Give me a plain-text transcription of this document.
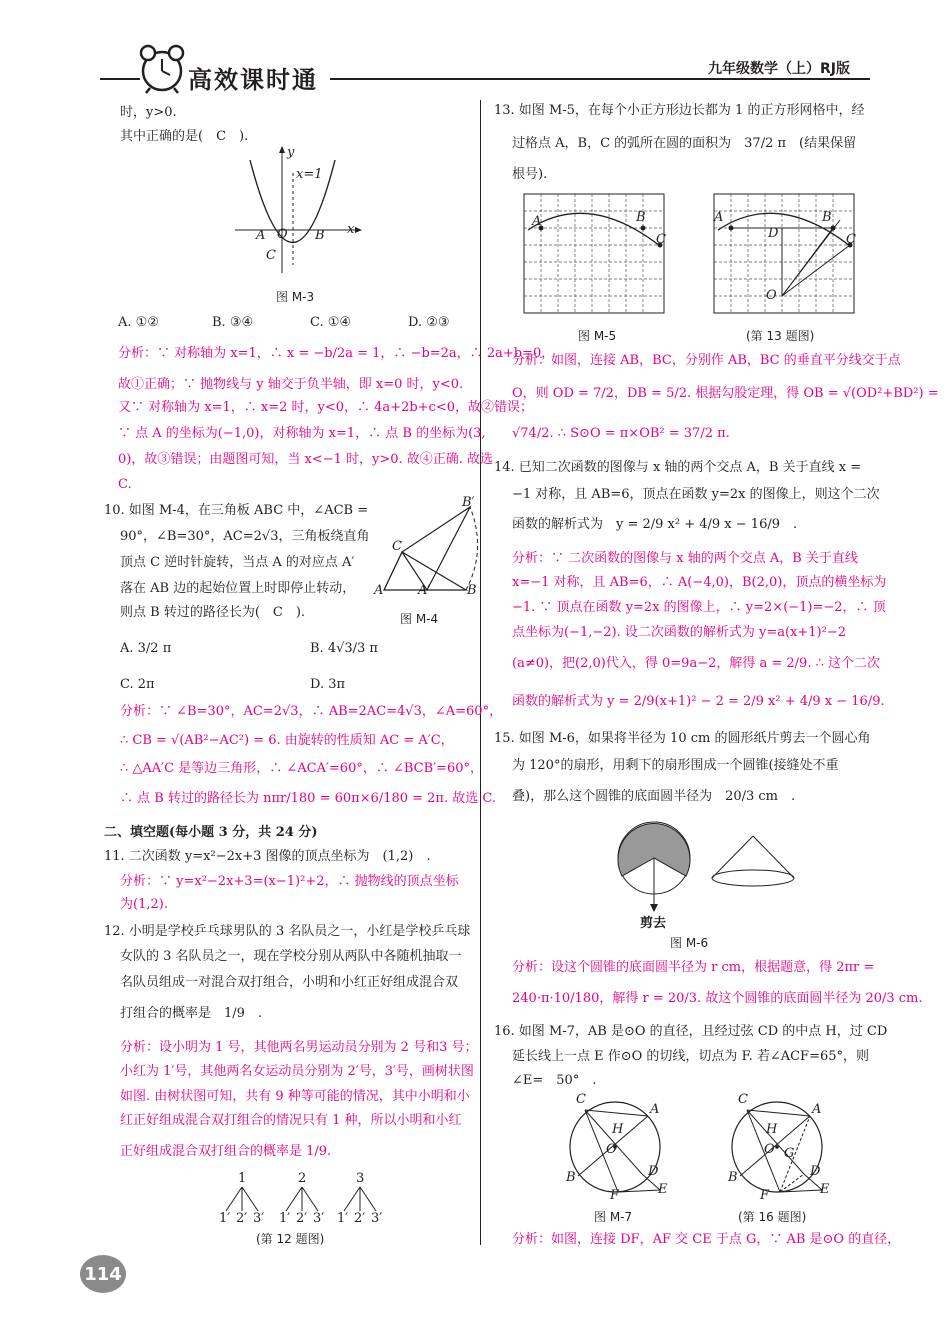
高效课时通	九年级数学（上）RJ版
时，y>0.
其中正确的是(　C　).
y
x=1
x
A O B
C
图 M-3
A. ①②	B. ③④	C. ①④	D. ②③
分析：∵ 对称轴为 x=1，∴ x = −b/2a = 1，∴ −b=2a，∴ 2a+b=0，
故①正确；∵ 抛物线与 y 轴交于负半轴，即 x=0 时，y<0.
又∵ 对称轴为 x=1，∴ x=2 时，y<0，∴ 4a+2b+c<0，故②错误；
∵ 点 A 的坐标为(−1,0)，对称轴为 x=1，∴ 点 B 的坐标为(3,
0)，故③错误；由题图可知，当 x<−1 时，y>0. 故④正确. 故选
C.
10. 如图 M-4，在三角板 ABC 中，∠ACB =
90°，∠B=30°，AC=2√3，三角板绕直角
顶点 C 逆时针旋转，当点 A 的对应点 A′
落在 AB 边的起始位置上时即停止转动，
则点 B 转过的路径长为(　C　).
B′
C
A	A′	B
图 M-4
A. 3/2 π	B. 4√3/3 π
C. 2π	D. 3π
分析：∵ ∠B=30°，AC=2√3，∴ AB=2AC=4√3，∠A=60°，
∴ CB = √(AB²−AC²) = 6. 由旋转的性质知 AC = A′C，
∴ △AA′C 是等边三角形，∴ ∠ACA′=60°，∴ ∠BCB′=60°，
∴ 点 B 转过的路径长为 nπr/180 = 60π×6/180 = 2π. 故选 C.
二、填空题(每小题 3 分，共 24 分)
11. 二次函数 y=x²−2x+3 图像的顶点坐标为　(1,2)　.
分析：∵ y=x²−2x+3=(x−1)²+2，∴ 抛物线的顶点坐标
为(1,2).
12. 小明是学校乒乓球男队的 3 名队员之一，小红是学校乒乓球
女队的 3 名队员之一，现在学校分别从两队中各随机抽取一
名队员组成一对混合双打组合，小明和小红正好组成混合双
打组合的概率是　1/9　.
分析：设小明为 1 号，其他两名男运动员分别为 2 号和3 号；
小红为 1′号，其他两名女运动员分别为 2′号，3′号，画树状图
如图. 由树状图可知，共有 9 种等可能的情况，其中小明和小
红正好组成混合双打组合的情况只有 1 种，所以小明和小红
正好组成混合双打组合的概率是 1/9.
1	2	3
1′ 2′ 3′ 1′ 2′ 3′ 1′ 2′ 3′
(第 12 题图)
13. 如图 M-5，在每个小正方形边长都为 1 的正方形网格中，经
过格点 A，B，C 的弧所在圆的面积为　37/2 π　(结果保留
根号).
A	B
C
图 M-5
A	B
C
D
O
(第 13 题图)
分析：如图，连接 AB，BC，分别作 AB，BC 的垂直平分线交于点
O，则 OD = 7/2，DB = 5/2. 根据勾股定理，得 OB = √(OD²+BD²) =
√74/2. ∴ S⊙O = π×OB² = 37/2 π.
14. 已知二次函数的图像与 x 轴的两个交点 A，B 关于直线 x =
−1 对称，且 AB=6，顶点在函数 y=2x 的图像上，则这个二次
函数的解析式为　y = 2/9 x² + 4/9 x − 16/9　.
分析：∵ 二次函数的图像与 x 轴的两个交点 A，B 关于直线
x=−1 对称，且 AB=6，∴ A(−4,0)，B(2,0)，顶点的横坐标为
−1. ∵ 顶点在函数 y=2x 的图像上，∴ y=2×(−1)=−2，∴ 顶
点坐标为(−1,−2). 设二次函数的解析式为 y=a(x+1)²−2
(a≠0)，把(2,0)代入，得 0=9a−2，解得 a = 2/9. ∴ 这个二次
函数的解析式为 y = 2/9(x+1)² − 2 = 2/9 x² + 4/9 x − 16/9.
15. 如图 M-6，如果将半径为 10 cm 的圆形纸片剪去一个圆心角
为 120°的扇形，用剩下的扇形围成一个圆锥(接缝处不重
叠)，那么这个圆锥的底面圆半径为　20/3 cm　.
剪去
图 M-6
分析：设这个圆锥的底面圆半径为 r cm，根据题意，得 2πr =
240·π·10/180，解得 r = 20/3. 故这个圆锥的底面圆半径为 20/3 cm.
16. 如图 M-7，AB 是⊙O 的直径，且经过弦 CD 的中点 H，过 CD
延长线上一点 E 作⊙O 的切线，切点为 F. 若∠ACF=65°，则
∠E=　50°　.
C
A
H
O
B	D
F	E
图 M-7
C
A
H
O G
B	D
F	E
(第 16 题图)
分析：如图，连接 DF，AF 交 CE 于点 G，∵ AB 是⊙O 的直径，
114
